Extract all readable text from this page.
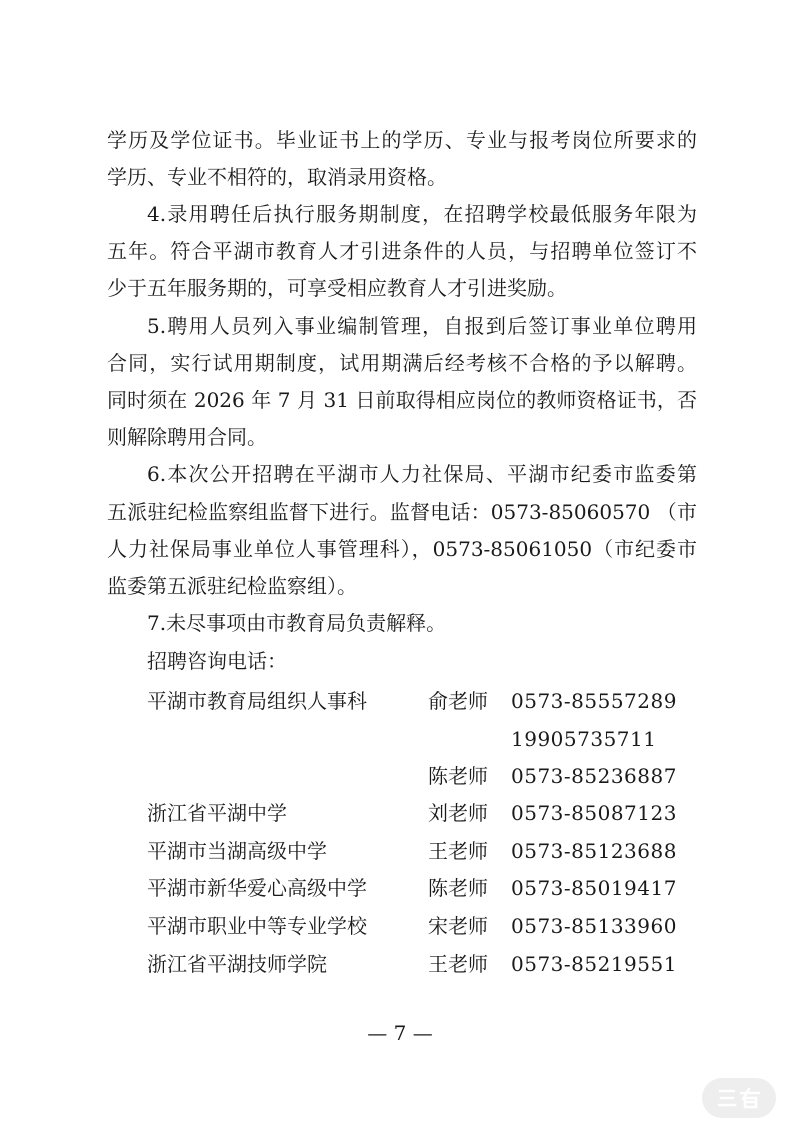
学历及学位证书。毕业证书上的学历、专业与报考岗位所要求的
学历、专业不相符的，取消录用资格。
4.录用聘任后执行服务期制度，在招聘学校最低服务年限为
五年。符合平湖市教育人才引进条件的人员，与招聘单位签订不
少于五年服务期的，可享受相应教育人才引进奖励。
5.聘用人员列入事业编制管理，自报到后签订事业单位聘用
合同，实行试用期制度，试用期满后经考核不合格的予以解聘。
同时须在 2026 年 7 月 31 日前取得相应岗位的教师资格证书，否
则解除聘用合同。
6.本次公开招聘在平湖市人力社保局、平湖市纪委市监委第
五派驻纪检监察组监督下进行。监督电话：0573-85060570 （市
人力社保局事业单位人事管理科），0573-85061050（市纪委市
监委第五派驻纪检监察组）。
7.未尽事项由市教育局负责解释。
招聘咨询电话：
平湖市教育局组织人事科	俞老师 0573-85557289
19905735711
陈老师 0573-85236887
浙江省平湖中学	刘老师 0573-85087123
平湖市当湖高级中学	王老师 0573-85123688
平湖市新华爱心高级中学	陈老师 0573-85019417
平湖市职业中等专业学校	宋老师 0573-85133960
浙江省平湖技师学院	王老师 0573-85219551
— 7 —
